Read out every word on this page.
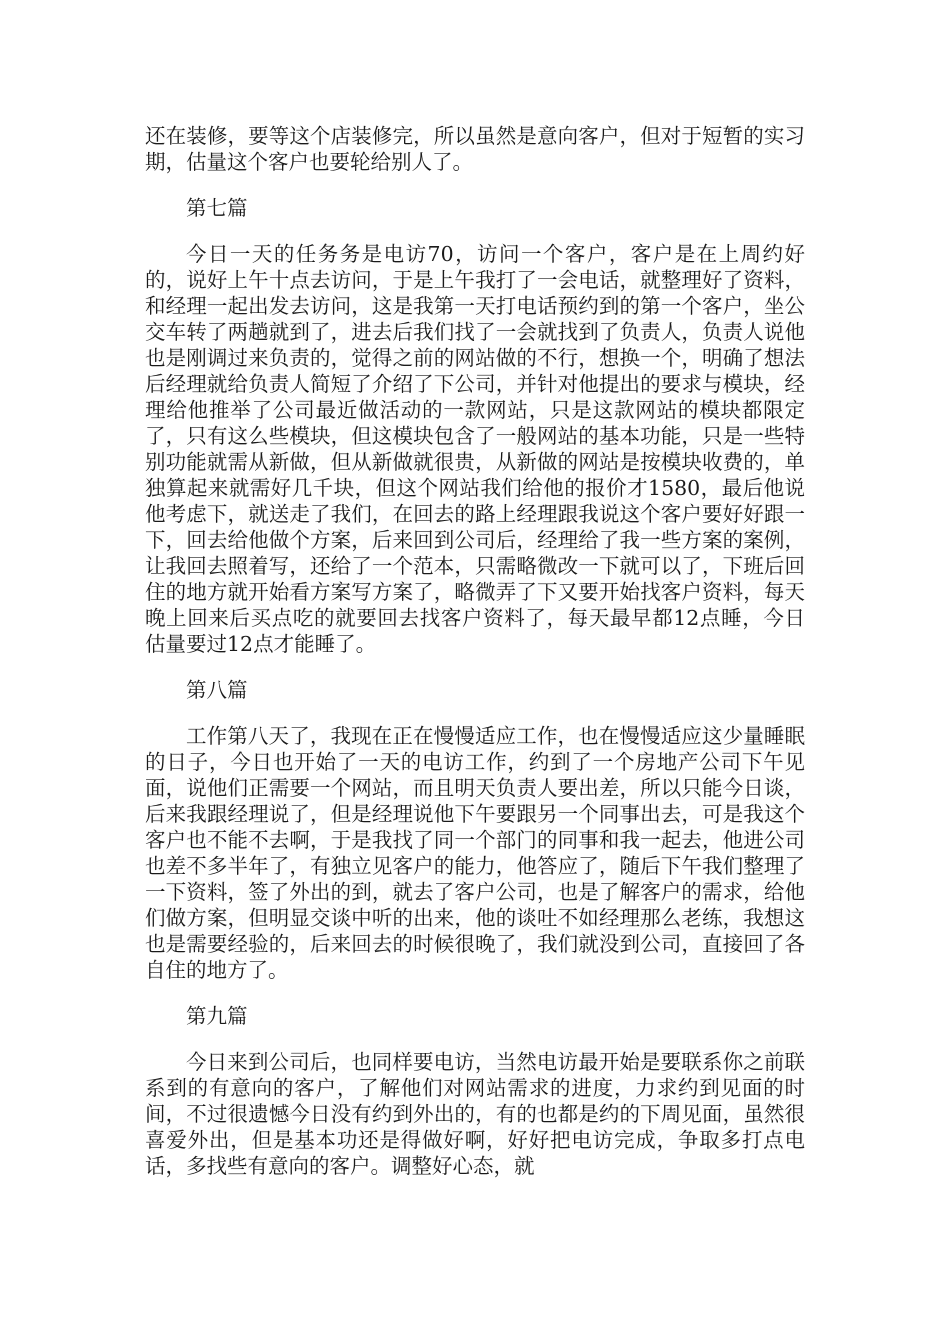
还在装修，要等这个店装修完，所以虽然是意向客户，但对于短暂的实习期，估量这个客户也要轮给别人了。

第七篇

今日一天的任务务是电访70，访问一个客户，客户是在上周约好的，说好上午十点去访问，于是上午我打了一会电话，就整理好了资料，和经理一起出发去访问，这是我第一天打电话预约到的第一个客户，坐公交车转了两趟就到了，进去后我们找了一会就找到了负责人，负责人说他也是刚调过来负责的，觉得之前的网站做的不行，想换一个，明确了想法后经理就给负责人简短了介绍了下公司，并针对他提出的要求与模块，经理给他推举了公司最近做活动的一款网站，只是这款网站的模块都限定了，只有这么些模块，但这模块包含了一般网站的基本功能，只是一些特别功能就需从新做，但从新做就很贵，从新做的网站是按模块收费的，单独算起来就需好几千块，但这个网站我们给他的报价才1580，最后他说他考虑下，就送走了我们，在回去的路上经理跟我说这个客户要好好跟一下，回去给他做个方案，后来回到公司后，经理给了我一些方案的案例，让我回去照着写，还给了一个范本，只需略微改一下就可以了，下班后回住的地方就开始看方案写方案了，略微弄了下又要开始找客户资料，每天晚上回来后买点吃的就要回去找客户资料了，每天最早都12点睡，今日估量要过12点才能睡了。

第八篇

工作第八天了，我现在正在慢慢适应工作，也在慢慢适应这少量睡眠的日子，今日也开始了一天的电访工作，约到了一个房地产公司下午见面，说他们正需要一个网站，而且明天负责人要出差，所以只能今日谈，后来我跟经理说了，但是经理说他下午要跟另一个同事出去，可是我这个客户也不能不去啊，于是我找了同一个部门的同事和我一起去，他进公司也差不多半年了，有独立见客户的能力，他答应了，随后下午我们整理了一下资料，签了外出的到，就去了客户公司，也是了解客户的需求，给他们做方案，但明显交谈中听的出来，他的谈吐不如经理那么老练，我想这也是需要经验的，后来回去的时候很晚了，我们就没到公司，直接回了各自住的地方了。

第九篇

今日来到公司后，也同样要电访，当然电访最开始是要联系你之前联系到的有意向的客户，了解他们对网站需求的进度，力求约到见面的时间，不过很遗憾今日没有约到外出的，有的也都是约的下周见面，虽然很喜爱外出，但是基本功还是得做好啊，好好把电访完成，争取多打点电话，多找些有意向的客户。调整好心态，就
